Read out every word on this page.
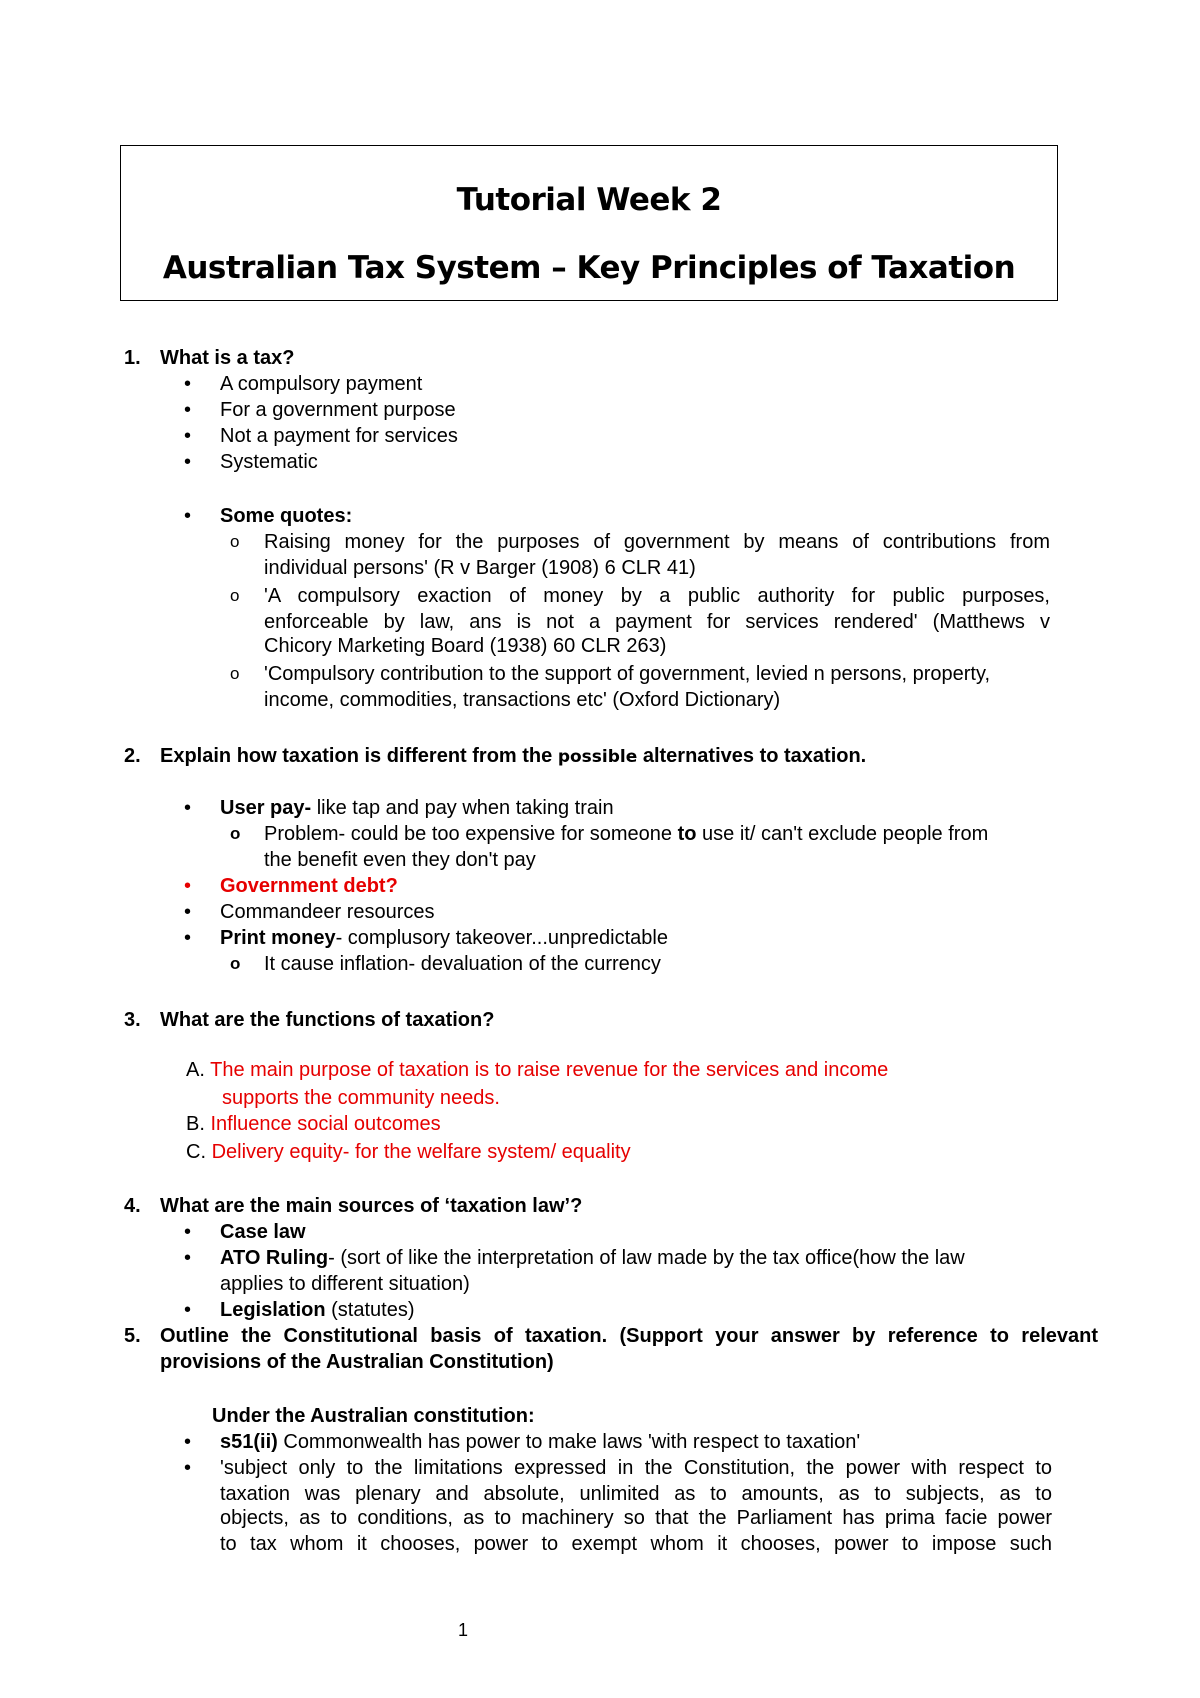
Tutorial Week 2
Australian Tax System – Key Principles of Taxation
1. What is a tax?
• A compulsory payment
• For a government purpose
• Not a payment for services
• Systematic
• Some quotes:
o Raising money for the purposes of government by means of contributions from
individual persons' (R v Barger (1908) 6 CLR 41)
o 'A compulsory exaction of money by a public authority for public purposes,
enforceable by law, ans is not a payment for services rendered' (Matthews v
Chicory Marketing Board (1938) 60 CLR 263)
o 'Compulsory contribution to the support of government, levied n persons, property,
income, commodities, transactions etc' (Oxford Dictionary)
2. Explain how taxation is different from the possible alternatives to taxation.
• User pay- like tap and pay when taking train
o Problem- could be too expensive for someone to use it/ can't exclude people from
the benefit even they don't pay
• Government debt?
• Commandeer resources
• Print money- complusory takeover...unpredictable
o It cause inflation- devaluation of the currency
3. What are the functions of taxation?
A. The main purpose of taxation is to raise revenue for the services and income
supports the community needs.
B. Influence social outcomes
C. Delivery equity- for the welfare system/ equality
4. What are the main sources of ‘taxation law’?
• Case law
• ATO Ruling- (sort of like the interpretation of law made by the tax office(how the law
applies to different situation)
• Legislation (statutes)
5. Outline the Constitutional basis of taxation. (Support your answer by reference to relevant
provisions of the Australian Constitution)
Under the Australian constitution:
• s51(ii) Commonwealth has power to make laws 'with respect to taxation'
• 'subject only to the limitations expressed in the Constitution, the power with respect to
taxation was plenary and absolute, unlimited as to amounts, as to subjects, as to
objects, as to conditions, as to machinery so that the Parliament has prima facie power
to tax whom it chooses, power to exempt whom it chooses, power to impose such
1
